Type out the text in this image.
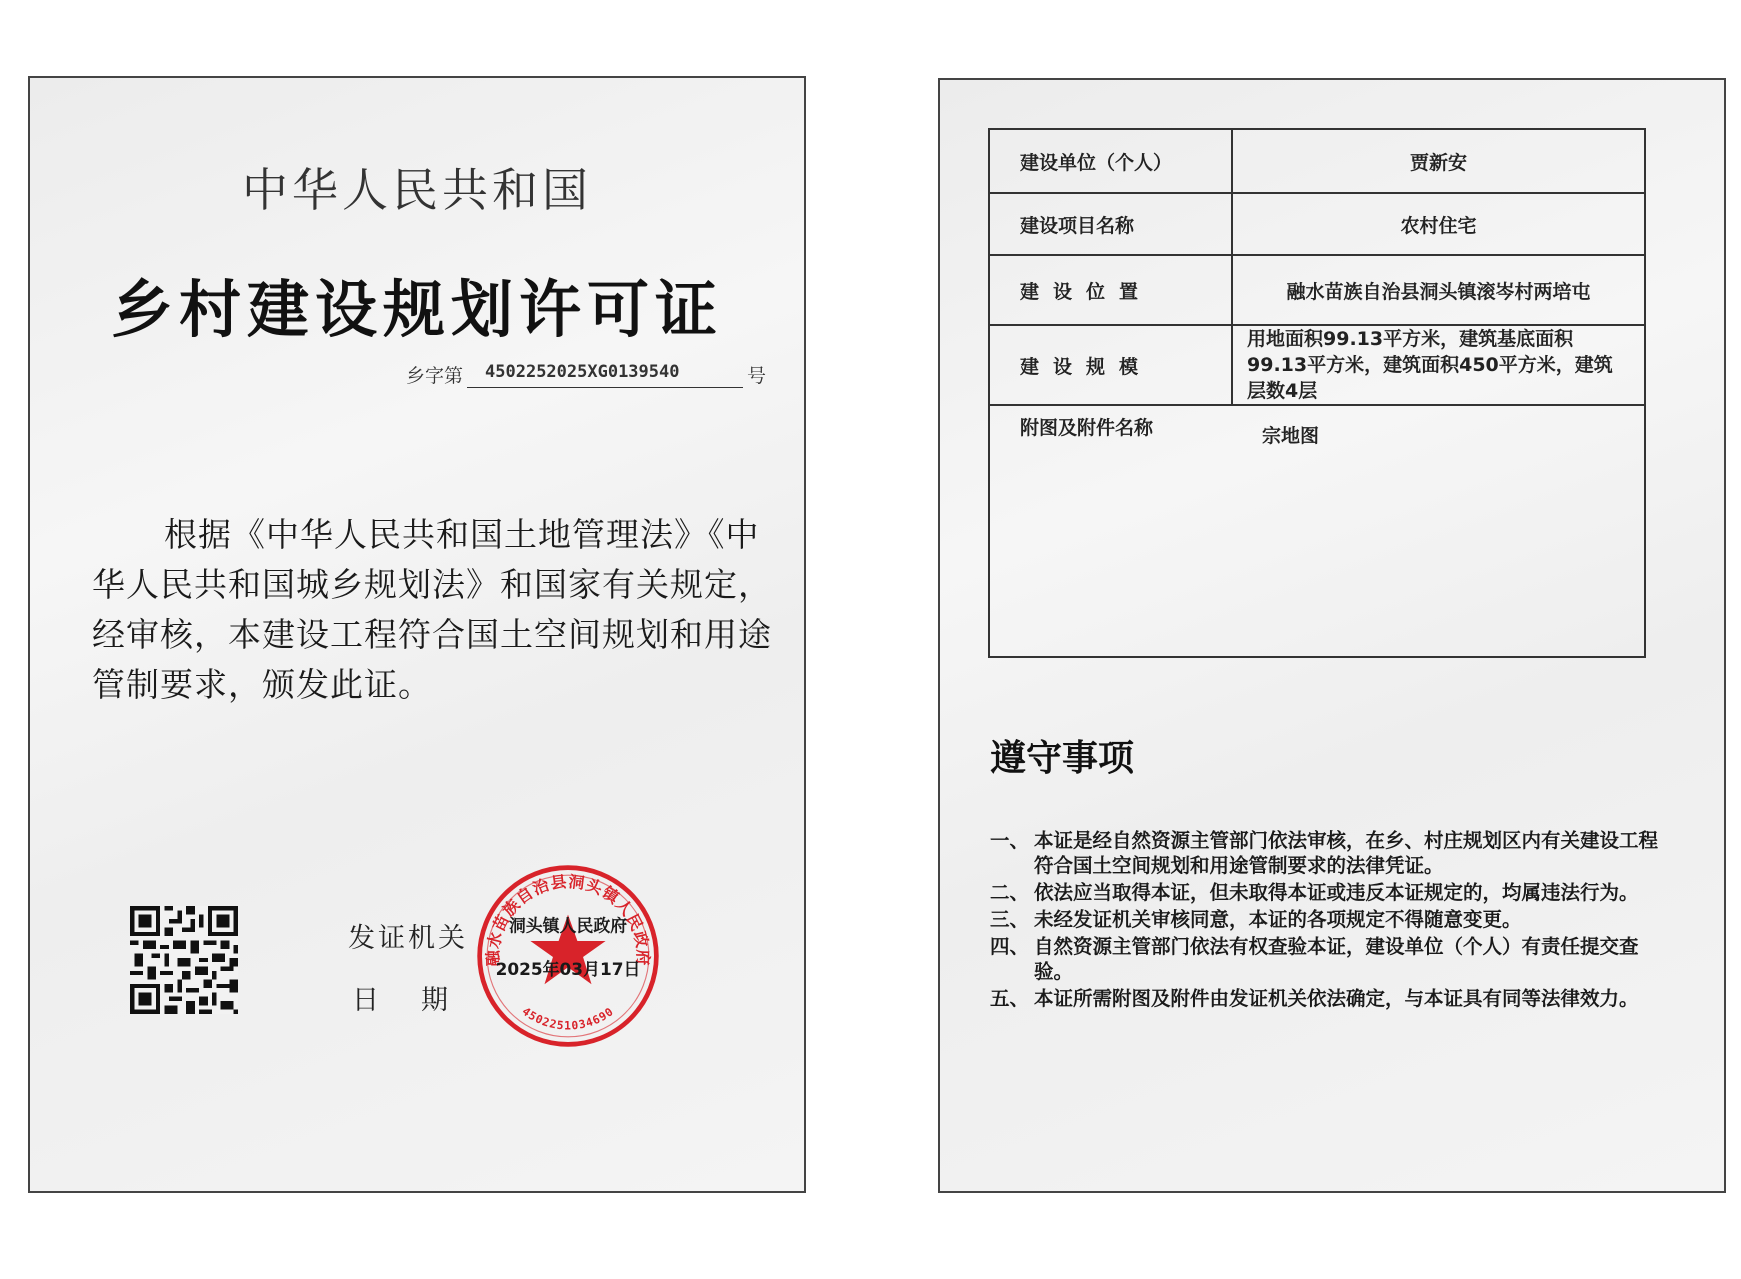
中华人民共和国
乡村建设规划许可证
乡字第	4502252025XG0139540	号
根据《中华人民共和国土地管理法》《中华人民共和国城乡规划法》和国家有关规定，经审核，本建设工程符合国土空间规划和用途管制要求，颁发此证。
发证机关
日期
融水苗族自治县洞头镇人民政府
洞头镇人民政府
2025年03月17日
4502251034690
建设单位（个人）	贾新安
建设项目名称	农村住宅
建设位置	融水苗族自治县洞头镇滚岑村两培屯
建设规模	用地面积99.13平方米，建筑基底面积99.13平方米，建筑面积450平方米，建筑层数4层
附图及附件名称	宗地图
遵守事项
一、 本证是经自然资源主管部门依法审核，在乡、村庄规划区内有关建设工程符合国土空间规划和用途管制要求的法律凭证。
二、 依法应当取得本证，但未取得本证或违反本证规定的，均属违法行为。
三、 未经发证机关审核同意，本证的各项规定不得随意变更。
四、 自然资源主管部门依法有权查验本证，建设单位（个人）有责任提交查验。
五、 本证所需附图及附件由发证机关依法确定，与本证具有同等法律效力。
